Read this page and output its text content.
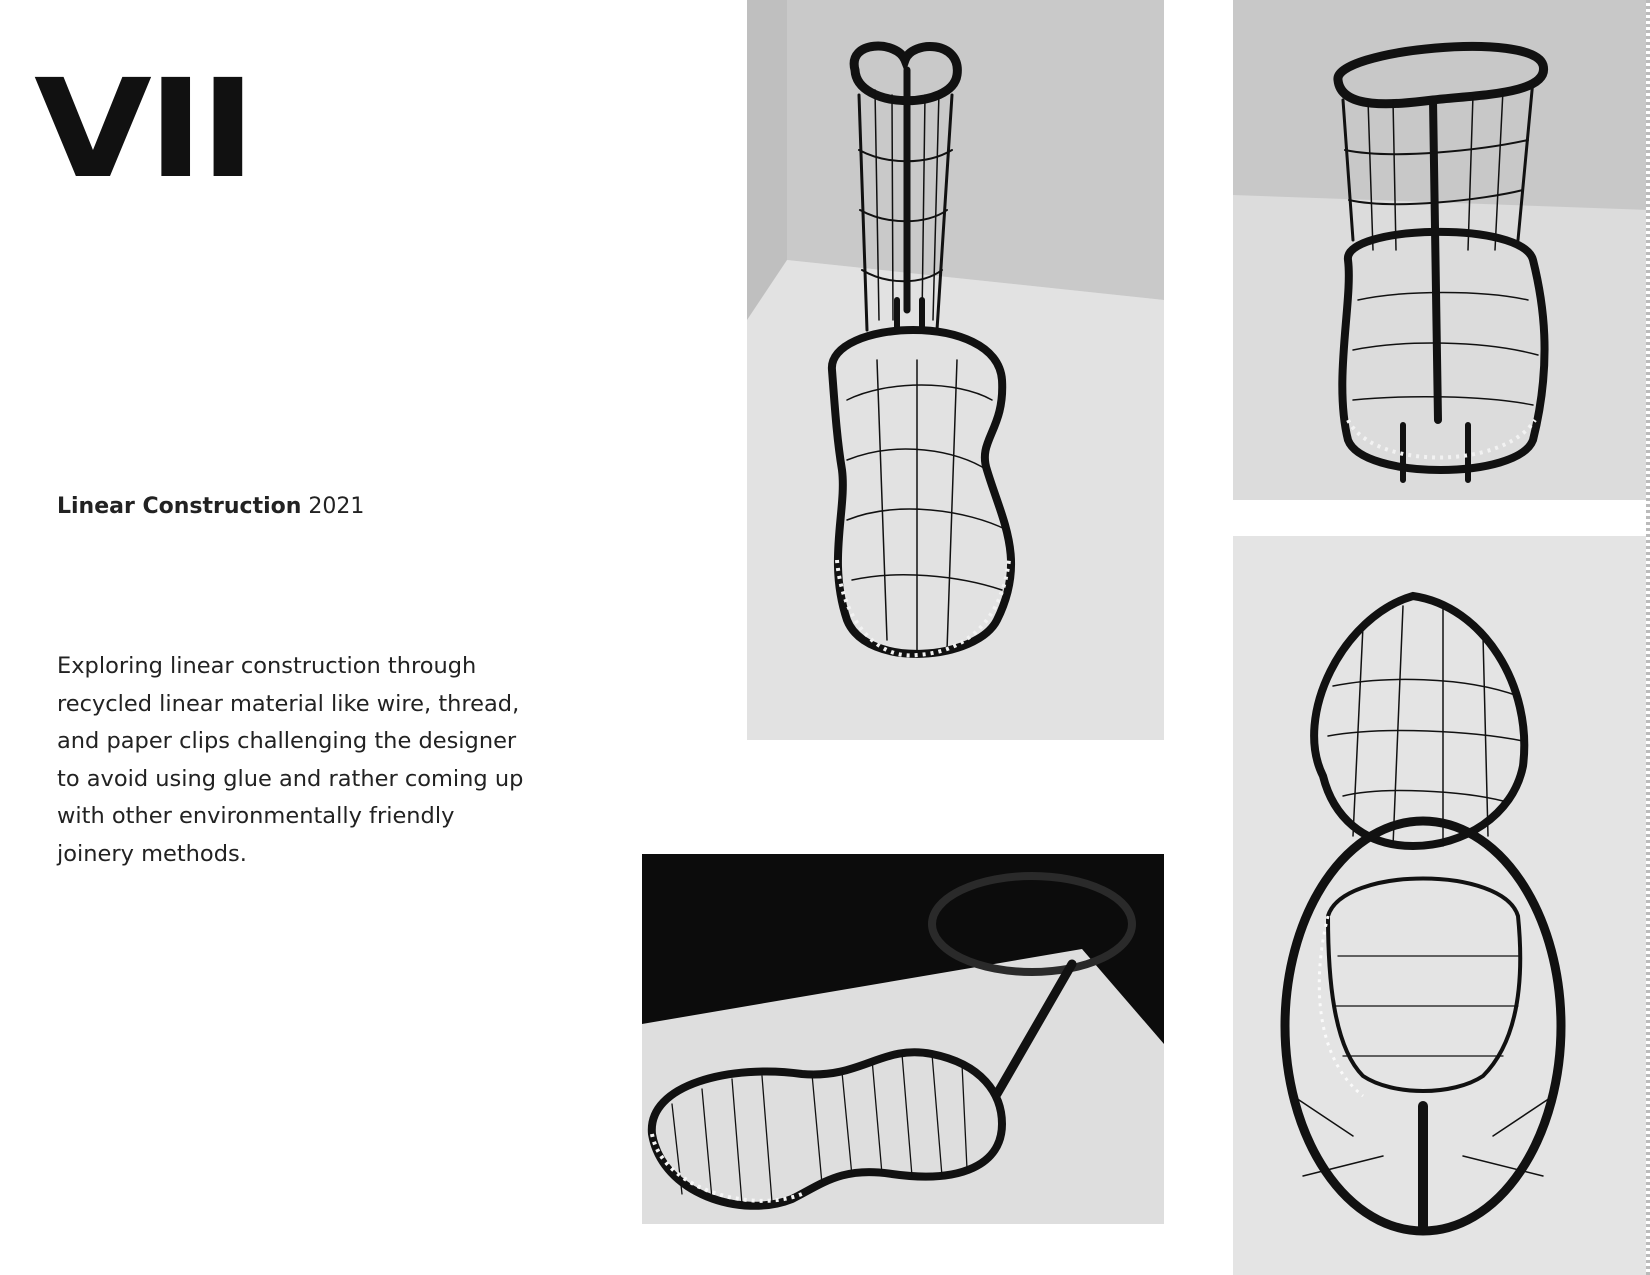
VII
Linear Construction 2021
Exploring linear construction through recycled linear material like wire, thread, and paper clips challenging the designer to avoid using glue and rather coming up with other environmentally friendly joinery methods.
